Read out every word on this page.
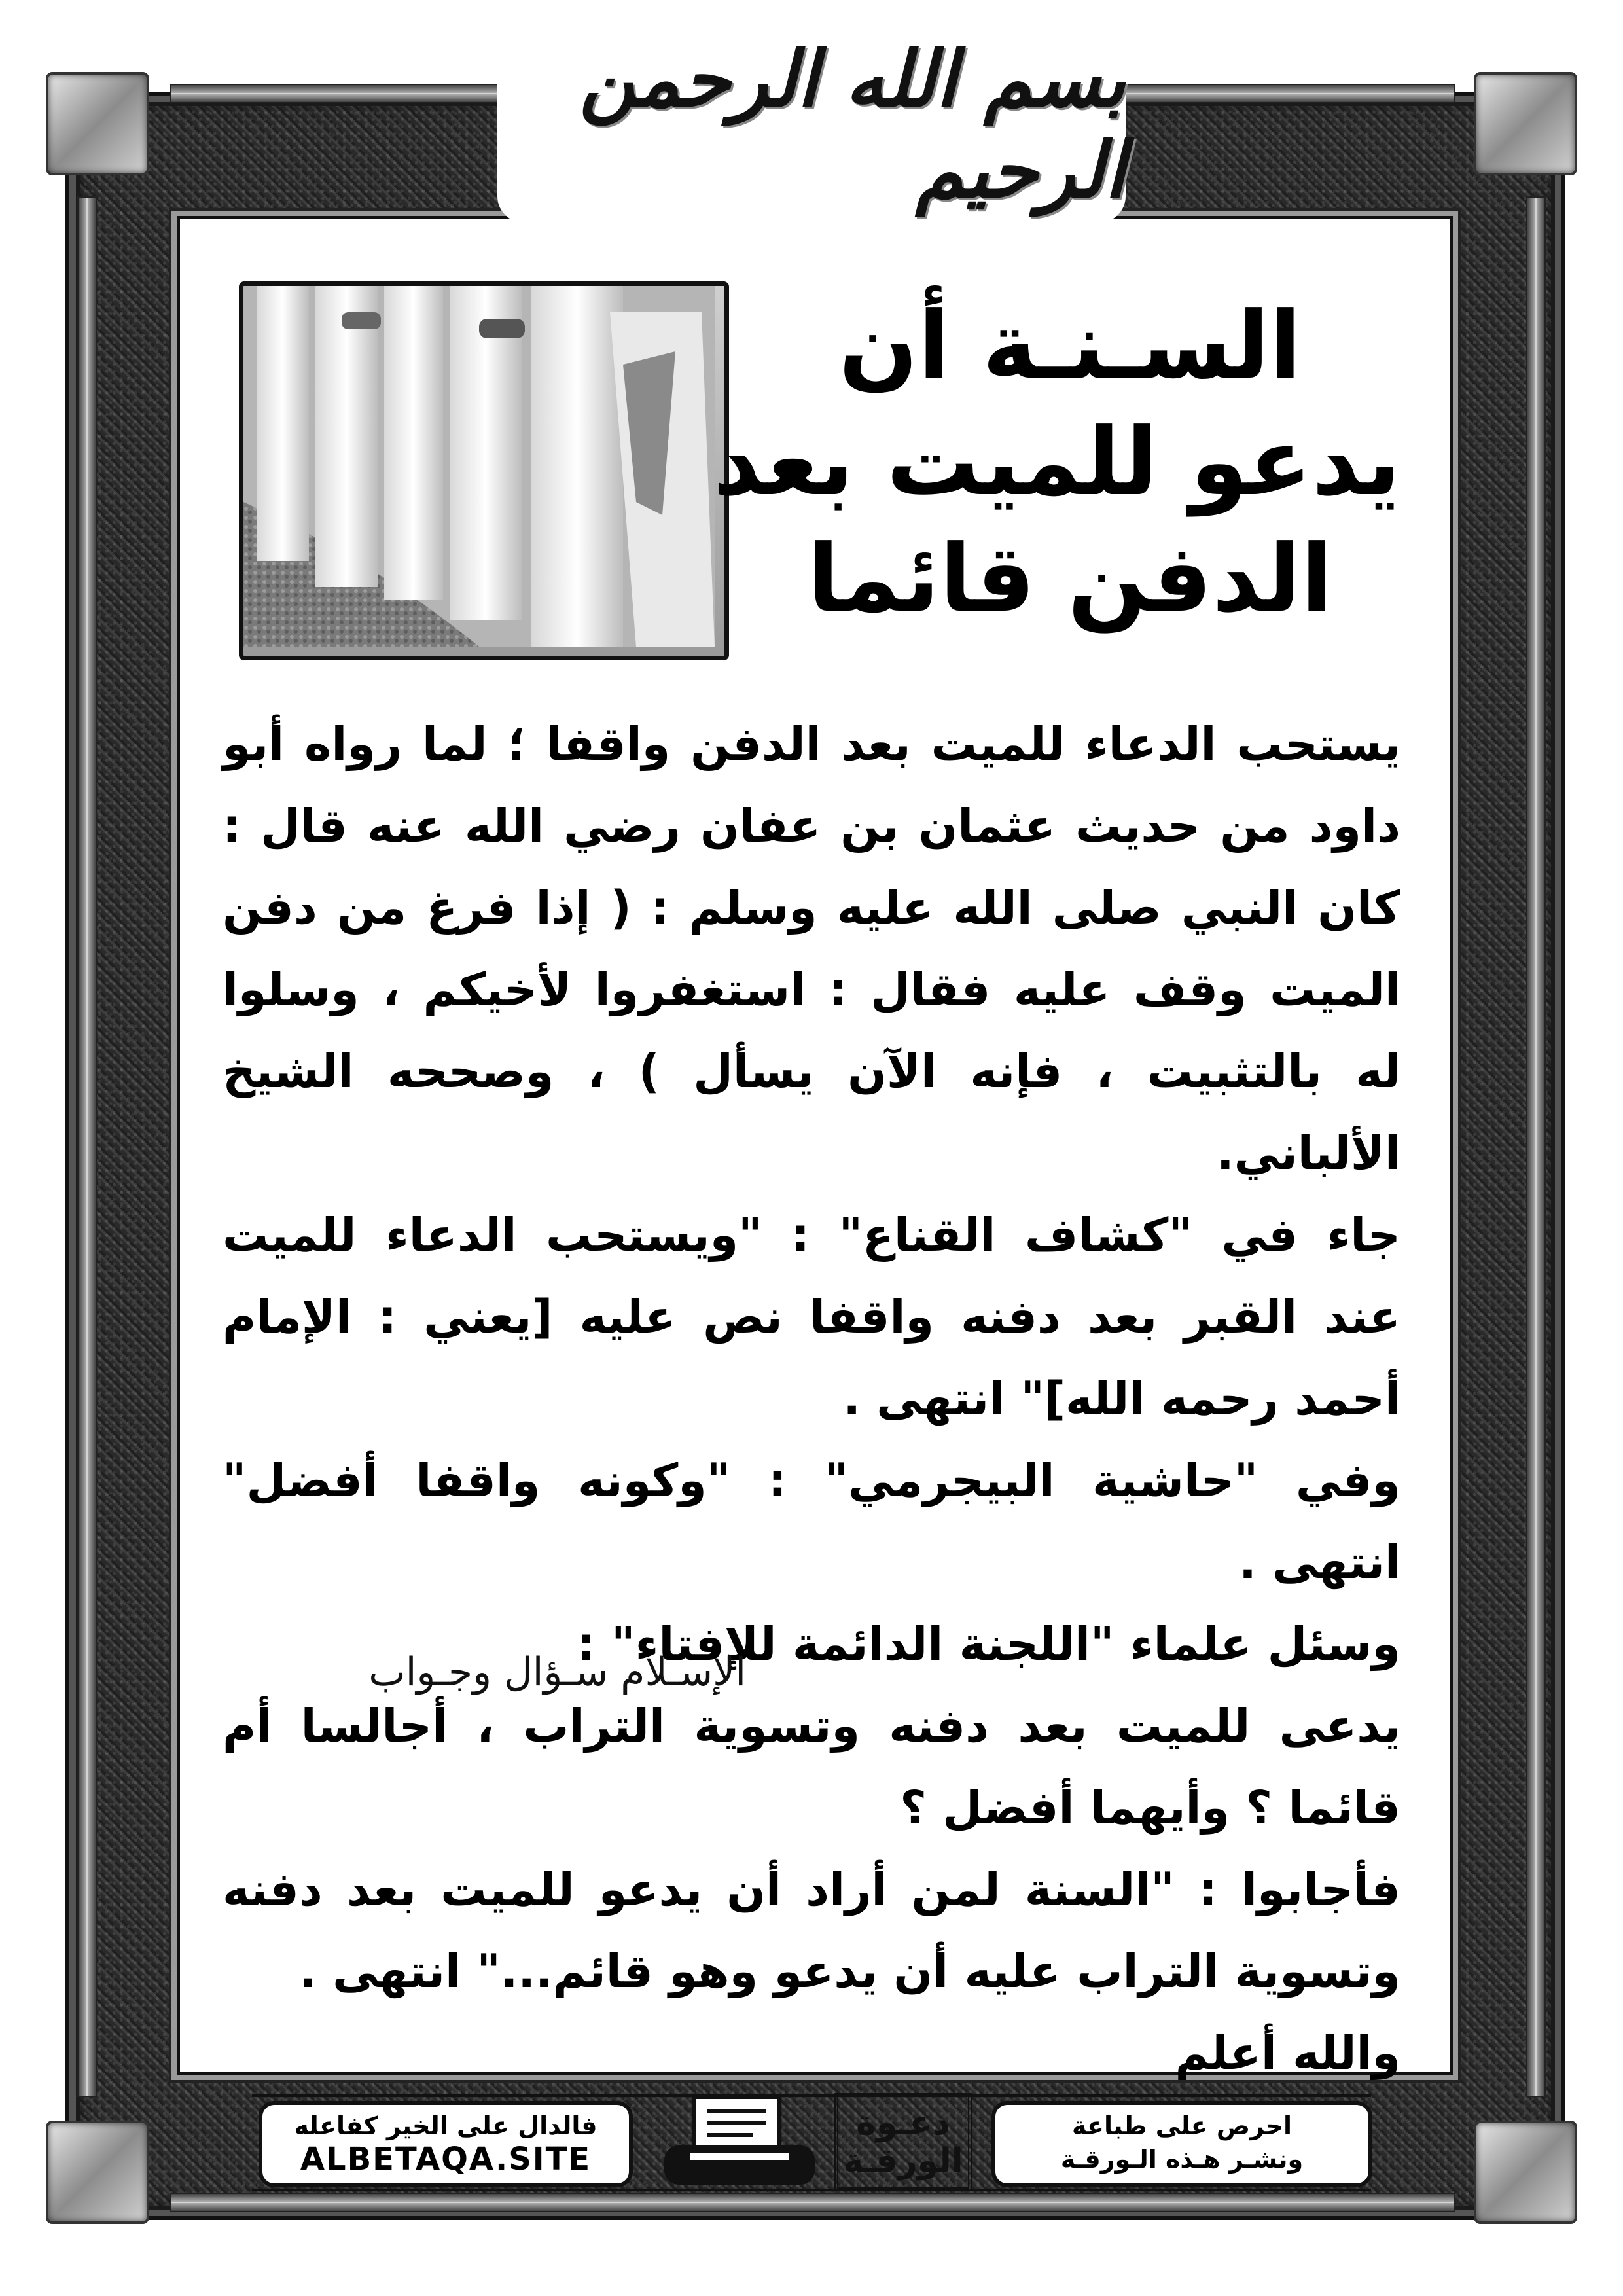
بسم الله الرحمن الرحيم
السـنـة أن
يدعو للميت بعد
الدفن قائما

يستحب الدعاء للميت بعد الدفن واقفا ؛ لما رواه أبو داود من حديث عثمان بن عفان رضي الله عنه قال : كان النبي صلى الله عليه وسلم : ( إذا فرغ من دفن الميت وقف عليه فقال : استغفروا لأخيكم ، وسلوا له بالتثبيت ، فإنه الآن يسأل ) ، وصححه الشيخ الألباني.

جاء في "كشاف القناع" : "ويستحب الدعاء للميت عند القبر بعد دفنه واقفا نص عليه [يعني : الإمام أحمد رحمه الله]" انتهى .

وفي "حاشية البيجرمي" : "وكونه واقفا أفضل" انتهى .

وسئل علماء "اللجنة الدائمة للإفتاء" :

يدعى للميت بعد دفنه وتسوية التراب ، أجالسا أم قائما ؟ وأيهما أفضل ؟

فأجابوا : "السنة لمن أراد أن يدعو للميت بعد دفنه وتسوية التراب عليه أن يدعو وهو قائم..." انتهى .

والله أعلم

الإسـلام سـؤال وجـواب
فالدال على الخير كفاعله
ALBETAQA.SITE
دعـوة
الورقـة
احرص على طباعة
ونشـر هـذه الـورقـة
